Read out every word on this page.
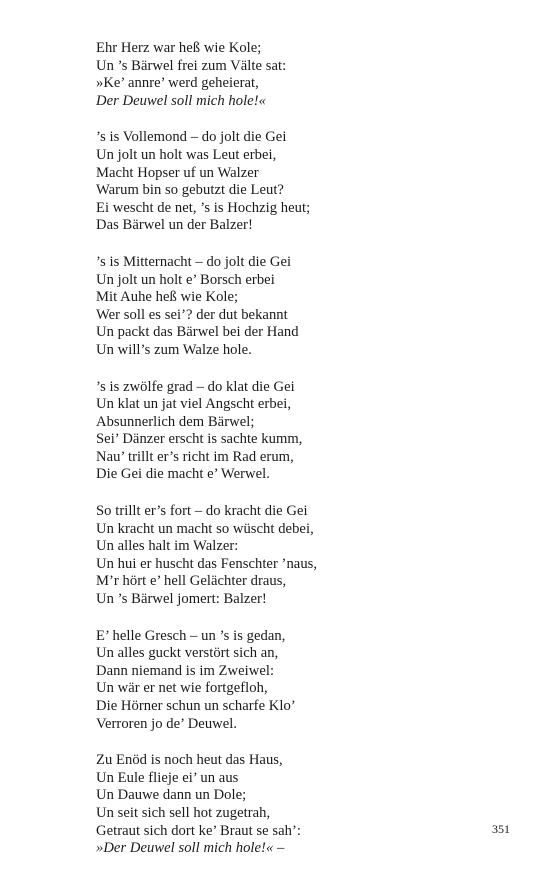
Ehr Herz war heß wie Kole;
Un ’s Bärwel frei zum Välte sat:
»Ke’ annre’ werd geheierat,
Der Deuwel soll mich hole!«
’s is Vollemond – do jolt die Gei
Un jolt un holt was Leut erbei,
Macht Hopser uf un Walzer
Warum bin so gebutzt die Leut?
Ei wescht de net, ’s is Hochzig heut;
Das Bärwel un der Balzer!
’s is Mitternacht – do jolt die Gei
Un jolt un holt e’ Borsch erbei
Mit Auhe heß wie Kole;
Wer soll es sei’? der dut bekannt
Un packt das Bärwel bei der Hand
Un will’s zum Walze hole.
’s is zwölfe grad – do klat die Gei
Un klat un jat viel Angscht erbei,
Absunnerlich dem Bärwel;
Sei’ Dänzer erscht is sachte kumm,
Nau’ trillt er’s richt im Rad erum,
Die Gei die macht e’ Werwel.
So trillt er’s fort – do kracht die Gei
Un kracht un macht so wüscht debei,
Un alles halt im Walzer:
Un hui er huscht das Fenschter ’naus,
M’r hört e’ hell Gelächter draus,
Un ’s Bärwel jomert: Balzer!
E’ helle Gresch – un ’s is gedan,
Un alles guckt verstört sich an,
Dann niemand is im Zweiwel:
Un wär er net wie fortgefloh,
Die Hörner schun un scharfe Klo’
Verroren jo de’ Deuwel.
Zu Enöd is noch heut das Haus,
Un Eule flieje ei’ un aus
Un Dauwe dann un Dole;
Un seit sich sell hot zugetrah,
Getraut sich dort ke’ Braut se sah’:
»Der Deuwel soll mich hole!« –
351
